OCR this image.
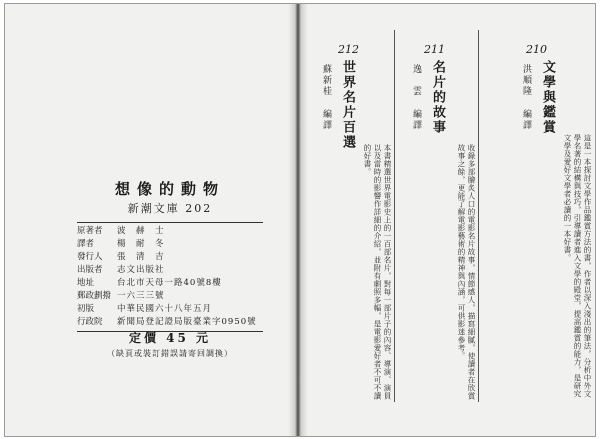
想像的動物
新潮文庫 202
原著者	波　赫　士
譯者	楊　耐　冬
發行人	張　清　吉
出版者	志文出版社
地址	台北市天母一路40號8樓
郵政劃撥 一六三三號
初版	中華民國六十八年五月
行政院	新聞局登記證局版臺業字0950號
定價 45 元
（缺頁或裝訂錯誤請寄回調換）
212
世界名片百選
蘇新桂 編譯
本書精選世界電影史上的一百部名片，對每一部片子的內容、導演、演員以及當時的影響作詳細的介紹，並附有劇照多幅，是電影愛好者不可不讀的好書。
211
名片的故事
逸　雲 編譯
收錄多部膾炙人口的電影名片故事，情節感人，描寫細膩，使讀者在欣賞故事之餘，更能了解電影藝術的精神與內涵，可供影迷參考。
210
文學與鑑賞
洪順隆 編譯
這是一本探討文學作品鑑賞方法的書，作者以深入淺出的筆法，分析中外文學名著的結構與技巧，引導讀者進入文學的殿堂，提高鑑賞的能力，是研究文學及愛好文學者必讀的一本好書。
